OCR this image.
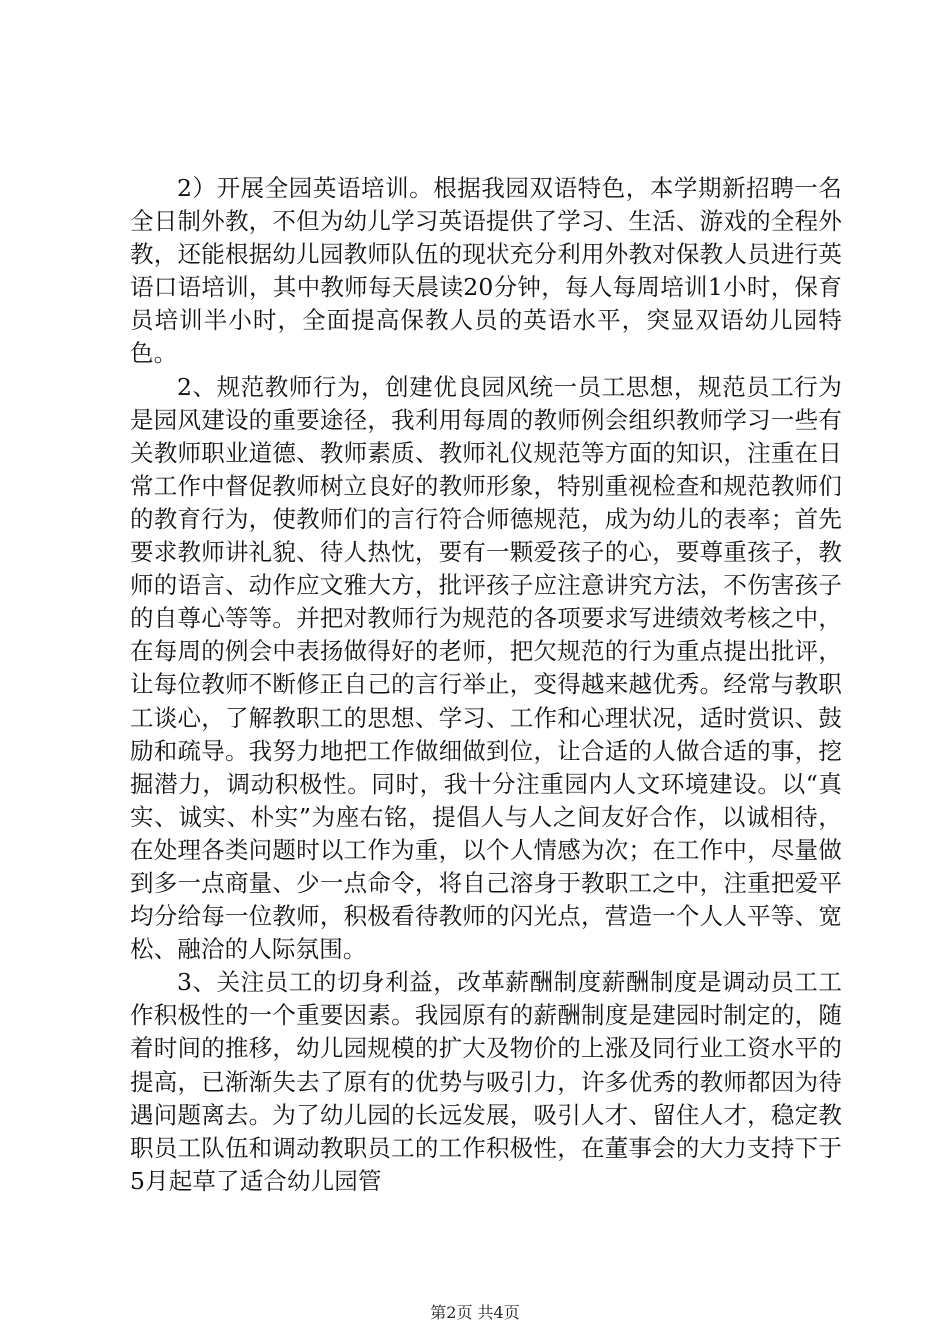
2）开展全园英语培训。根据我园双语特色，本学期新招聘一名全日制外教，不但为幼儿学习英语提供了学习、生活、游戏的全程外教，还能根据幼儿园教师队伍的现状充分利用外教对保教人员进行英语口语培训，其中教师每天晨读20分钟，每人每周培训1小时，保育员培训半小时，全面提高保教人员的英语水平，突显双语幼儿园特色。

2、规范教师行为，创建优良园风统一员工思想，规范员工行为是园风建设的重要途径，我利用每周的教师例会组织教师学习一些有关教师职业道德、教师素质、教师礼仪规范等方面的知识，注重在日常工作中督促教师树立良好的教师形象，特别重视检查和规范教师们的教育行为，使教师们的言行符合师德规范，成为幼儿的表率；首先要求教师讲礼貌、待人热忱，要有一颗爱孩子的心，要尊重孩子，教师的语言、动作应文雅大方，批评孩子应注意讲究方法，不伤害孩子的自尊心等等。并把对教师行为规范的各项要求写进绩效考核之中，在每周的例会中表扬做得好的老师，把欠规范的行为重点提出批评，让每位教师不断修正自己的言行举止，变得越来越优秀。经常与教职工谈心，了解教职工的思想、学习、工作和心理状况，适时赏识、鼓励和疏导。我努力地把工作做细做到位，让合适的人做合适的事，挖掘潜力，调动积极性。同时，我十分注重园内人文环境建设。以“真实、诚实、朴实”为座右铭，提倡人与人之间友好合作，以诚相待，在处理各类问题时以工作为重，以个人情感为次；在工作中，尽量做到多一点商量、少一点命令，将自己溶身于教职工之中，注重把爱平均分给每一位教师，积极看待教师的闪光点，营造一个人人平等、宽松、融洽的人际氛围。

3、关注员工的切身利益，改革薪酬制度薪酬制度是调动员工工作积极性的一个重要因素。我园原有的薪酬制度是建园时制定的，随着时间的推移，幼儿园规模的扩大及物价的上涨及同行业工资水平的提高，已渐渐失去了原有的优势与吸引力，许多优秀的教师都因为待遇问题离去。为了幼儿园的长远发展，吸引人才、留住人才，稳定教职员工队伍和调动教职员工的工作积极性，在董事会的大力支持下于5月起草了适合幼儿园管

第2页 共4页
